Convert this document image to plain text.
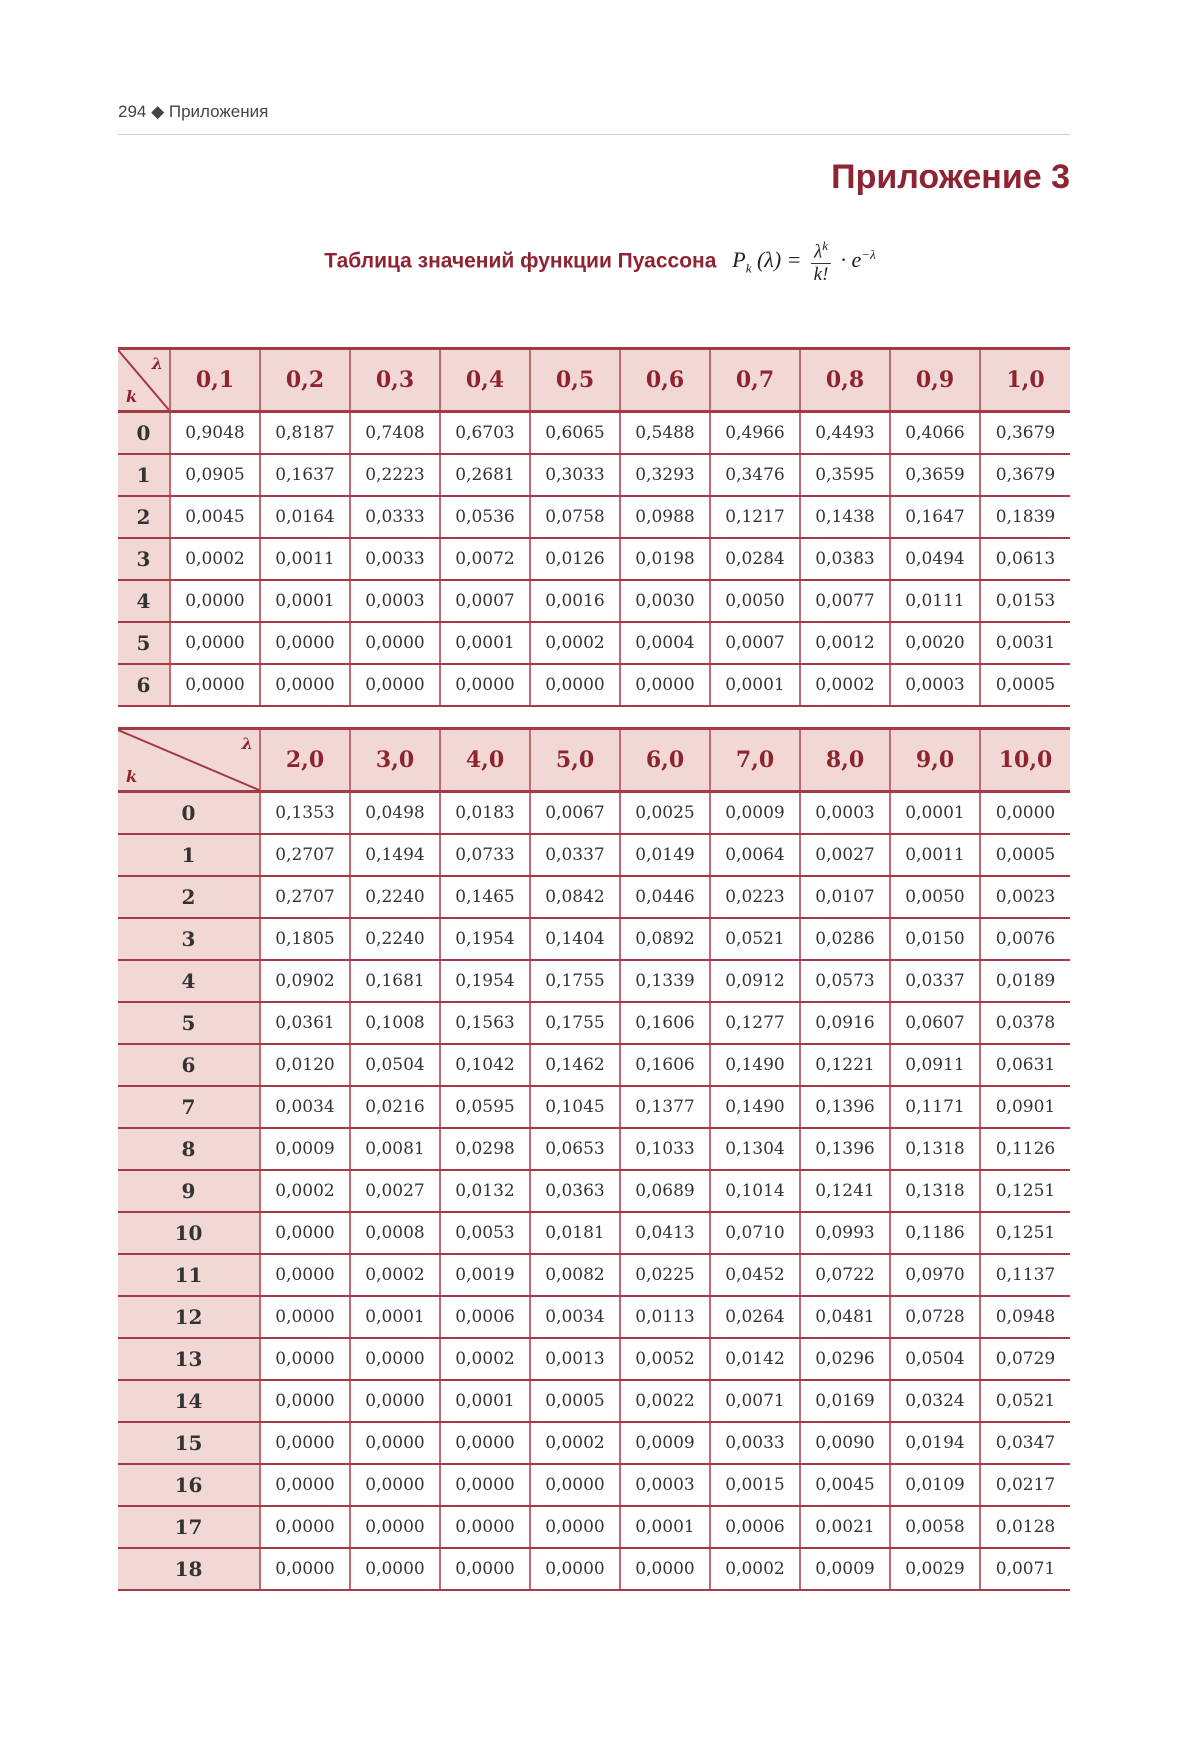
294 ◆ Приложения
Приложение 3
Таблица значений функции Пуассона $P_k$ $(\lambda) = \frac{\lambda^k}{k!} \cdot e^{-\lambda}$
λ
k	0,1	0,2	0,3	0,4	0,5	0,6	0,7	0,8	0,9	1,0
0	0,9048	0,8187	0,7408	0,6703	0,6065	0,5488	0,4966	0,4493	0,4066	0,3679
1	0,0905	0,1637	0,2223	0,2681	0,3033	0,3293	0,3476	0,3595	0,3659	0,3679
2	0,0045	0,0164	0,0333	0,0536	0,0758	0,0988	0,1217	0,1438	0,1647	0,1839
3	0,0002	0,0011	0,0033	0,0072	0,0126	0,0198	0,0284	0,0383	0,0494	0,0613
4	0,0000	0,0001	0,0003	0,0007	0,0016	0,0030	0,0050	0,0077	0,0111	0,0153
5	0,0000	0,0000	0,0000	0,0001	0,0002	0,0004	0,0007	0,0012	0,0020	0,0031
6	0,0000	0,0000	0,0000	0,0000	0,0000	0,0000	0,0001	0,0002	0,0003	0,0005
λ
k	2,0	3,0	4,0	5,0	6,0	7,0	8,0	9,0	10,0
0	0,1353	0,0498	0,0183	0,0067	0,0025	0,0009	0,0003	0,0001	0,0000
1	0,2707	0,1494	0,0733	0,0337	0,0149	0,0064	0,0027	0,0011	0,0005
2	0,2707	0,2240	0,1465	0,0842	0,0446	0,0223	0,0107	0,0050	0,0023
3	0,1805	0,2240	0,1954	0,1404	0,0892	0,0521	0,0286	0,0150	0,0076
4	0,0902	0,1681	0,1954	0,1755	0,1339	0,0912	0,0573	0,0337	0,0189
5	0,0361	0,1008	0,1563	0,1755	0,1606	0,1277	0,0916	0,0607	0,0378
6	0,0120	0,0504	0,1042	0,1462	0,1606	0,1490	0,1221	0,0911	0,0631
7	0,0034	0,0216	0,0595	0,1045	0,1377	0,1490	0,1396	0,1171	0,0901
8	0,0009	0,0081	0,0298	0,0653	0,1033	0,1304	0,1396	0,1318	0,1126
9	0,0002	0,0027	0,0132	0,0363	0,0689	0,1014	0,1241	0,1318	0,1251
10	0,0000	0,0008	0,0053	0,0181	0,0413	0,0710	0,0993	0,1186	0,1251
11	0,0000	0,0002	0,0019	0,0082	0,0225	0,0452	0,0722	0,0970	0,1137
12	0,0000	0,0001	0,0006	0,0034	0,0113	0,0264	0,0481	0,0728	0,0948
13	0,0000	0,0000	0,0002	0,0013	0,0052	0,0142	0,0296	0,0504	0,0729
14	0,0000	0,0000	0,0001	0,0005	0,0022	0,0071	0,0169	0,0324	0,0521
15	0,0000	0,0000	0,0000	0,0002	0,0009	0,0033	0,0090	0,0194	0,0347
16	0,0000	0,0000	0,0000	0,0000	0,0003	0,0015	0,0045	0,0109	0,0217
17	0,0000	0,0000	0,0000	0,0000	0,0001	0,0006	0,0021	0,0058	0,0128
18	0,0000	0,0000	0,0000	0,0000	0,0000	0,0002	0,0009	0,0029	0,0071
